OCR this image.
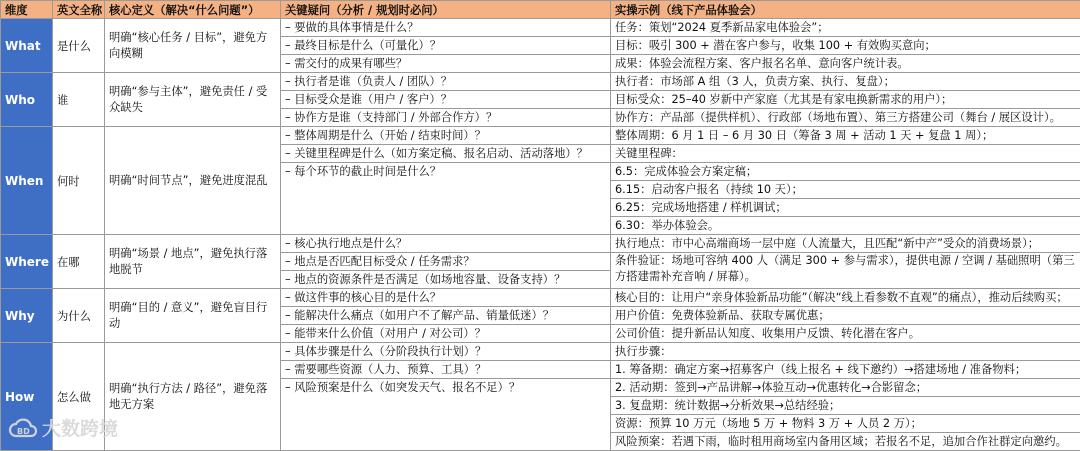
维度	英文全称	核心定义（解决“什么问题”）	关键疑问（分析 / 规划时必问）	实操示例（线下产品体验会）
What	是什么	明确“核心任务 / 目标”，避免方向模糊	– 要做的具体事情是什么？	任务：策划“2024 夏季新品家电体验会”；
			– 最终目标是什么（可量化）？	目标：吸引 300 + 潜在客户参与，收集 100 + 有效购买意向；
			– 需交付的成果有哪些？	成果：体验会流程方案、客户报名名单、意向客户统计表。
Who	谁	明确“参与主体”，避免责任 / 受众缺失	– 执行者是谁（负责人 / 团队）？	执行者：市场部 A 组（3 人，负责方案、执行、复盘）；
			– 目标受众是谁（用户 / 客户）？	目标受众：25–40 岁新中产家庭（尤其是有家电换新需求的用户）；
			– 协作方是谁（支持部门 / 外部合作方）？	协作方：产品部（提供样机）、行政部（场地布置）、第三方搭建公司（舞台 / 展区设计）。
When	何时	明确“时间节点”，避免进度混乱	– 整体周期是什么（开始 / 结束时间）？	整体周期：6 月 1 日 – 6 月 30 日（筹备 3 周 + 活动 1 天 + 复盘 1 周）；
			– 关键里程碑是什么（如方案定稿、报名启动、活动落地）？	关键里程碑：
			– 每个环节的截止时间是什么？	6.5：完成体验会方案定稿；
				6.15：启动客户报名（持续 10 天）；
				6.25：完成场地搭建 / 样机调试；
				6.30：举办体验会。
Where	在哪	明确“场景 / 地点”，避免执行落地脱节	– 核心执行地点是什么？	执行地点：市中心高端商场一层中庭（人流量大，且匹配“新中产”受众的消费场景）；
			– 地点是否匹配目标受众 / 任务需求？	条件验证：场地可容纳 400 人（满足 300 + 参与需求），提供电源 / 空调 / 基础照明（第三方搭建需补充音响 / 屏幕）。
			– 地点的资源条件是否满足（如场地容量、设备支持）？	
Why	为什么	明确“目的 / 意义”，避免盲目行动	– 做这件事的核心目的是什么？	核心目的：让用户“亲身体验新品功能”（解决“线上看参数不直观”的痛点），推动后续购买；
			– 能解决什么痛点（如用户不了解产品、销量低迷）？	用户价值：免费体验新品、获取专属优惠；
			– 能带来什么价值（对用户 / 对公司）？	公司价值：提升新品认知度、收集用户反馈、转化潜在客户。
How	怎么做	明确“执行方法 / 路径”，避免落地无方案	– 具体步骤是什么（分阶段执行计划）？	执行步骤：
			– 需要哪些资源（人力、预算、工具）？	1. 筹备期：确定方案→招募客户（线上报名 + 线下邀约）→搭建场地 / 准备物料；
			– 风险预案是什么（如突发天气、报名不足）？	2. 活动期：签到→产品讲解→体验互动→优惠转化→合影留念；
				3. 复盘期：统计数据→分析效果→总结经验；
				资源：预算 10 万元（场地 5 万 + 物料 3 万 + 人员 2 万）；
				风险预案：若遇下雨，临时租用商场室内备用区域；若报名不足，追加合作社群定向邀约。
BD 大数跨境
